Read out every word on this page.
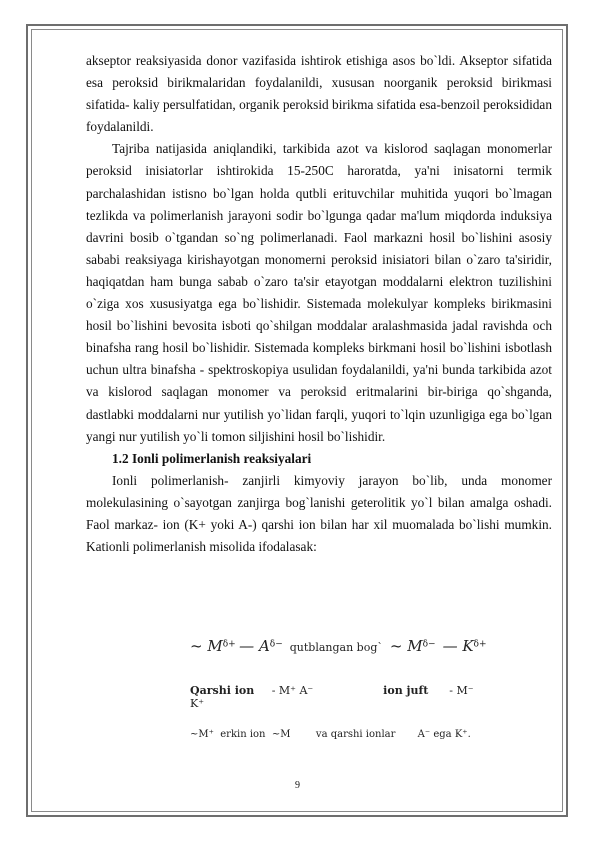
akseptor reaksiyasida donor vazifasida ishtirok etishiga asos bo`ldi. Akseptor sifatida esa peroksid birikmalaridan foydalanildi, xususan noorganik peroksid birikmasi sifatida- kaliy persulfatidan, organik peroksid birikma sifatida esa-benzoil peroksididan foydalanildi.

Tajriba natijasida aniqlandiki, tarkibida azot va kislorod saqlagan monomerlar peroksid inisiatorlar ishtirokida 15-250C haroratda, ya'ni inisatorni termik parchalashidan istisno bo`lgan holda qutbli erituvchilar muhitida yuqori bo`lmagan tezlikda va polimerlanish jarayoni sodir bo`lgunga qadar ma'lum miqdorda induksiya davrini bosib o`tgandan so`ng polimerlanadi. Faol markazni hosil bo`lishini asosiy sababi reaksiyaga kirishayotgan monomerni peroksid inisiatori bilan o`zaro ta'siridir, haqiqatdan ham bunga sabab o`zaro ta'sir etayotgan moddalarni elektron tuzilishini o`ziga xos xususiyatga ega bo`lishidir. Sistemada molekulyar kompleks birikmasini hosil bo`lishini bevosita isboti qo`shilgan moddalar aralashmasida jadal ravishda och binafsha rang hosil bo`lishidir. Sistemada kompleks birkmani hosil bo`lishini isbotlash uchun ultra binafsha - spektroskopiya usulidan foydalanildi, ya'ni bunda tarkibida azot va kislorod saqlagan monomer va peroksid eritmalarini bir-biriga qo`shganda, dastlabki moddalarni nur yutilish yo`lidan farqli, yuqori to`lqin uzunligiga ega bo`lgan yangi nur yutilish yo`li tomon siljishini hosil bo`lishidir.

1.2 Ionli polimerlanish reaksiyalari

Ionli polimerlanish- zanjirli kimyoviy jarayon bo`lib, unda monomer molekulasining o`sayotgan zanjirga bog`lanishi geterolitik yo`l bilan amalga oshadi. Faol markaz- ion (K+ yoki A-) qarshi ion bilan har xil muomalada bo`lishi mumkin. Kationli polimerlanish misolida ifodalasak:

~ $M^{\delta+}$ — $A^{\delta-}$ qutblangan bog` ~ $M^{\delta-}$ — $K^{\delta+}$
Qarshi ion - M⁺ A⁻	ion juft - M⁻ K⁺
~M⁺ erkin ion ~M	va qarshi ionlar A⁻ ega K⁺.
9
